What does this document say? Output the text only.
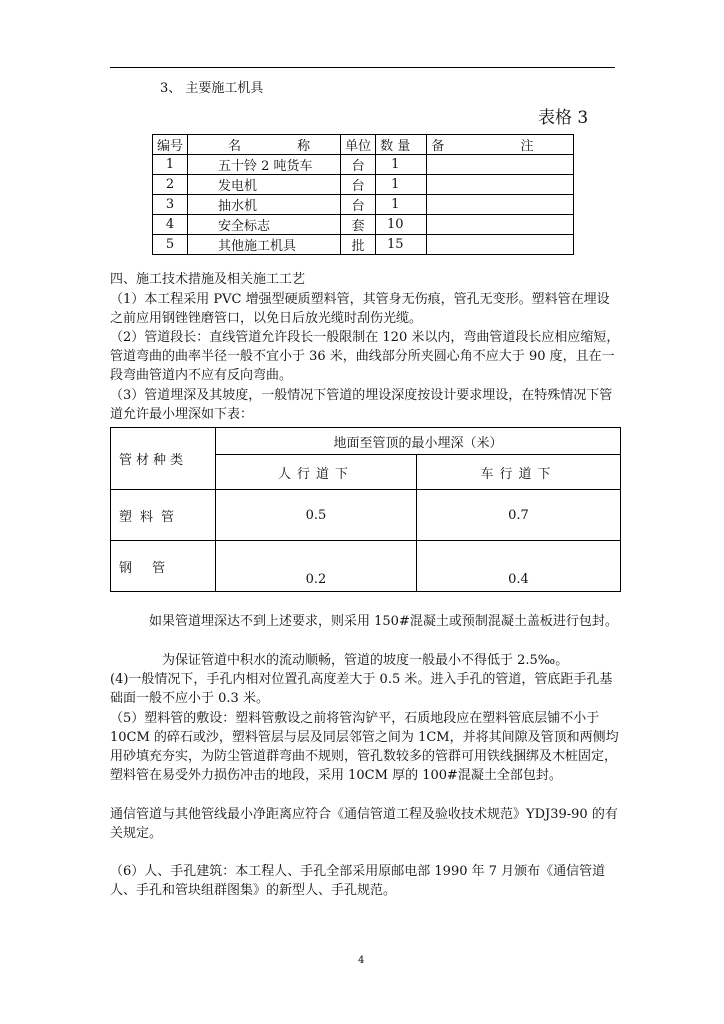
3、 主要施工机具
表格 3
编号	名 称	单位	数 量	备 注
1	五十铃 2 吨货车	台	1	
2	发电机	台	1	
3	抽水机	台	1	
4	安全标志	套	10	
5	其他施工机具	批	15	
四、施工技术措施及相关施工工艺
（1）本工程采用 PVC 增强型硬质塑料管，其管身无伤痕，管孔无变形。塑料管在埋设之前应用钢锉锉磨管口，以免日后放光缆时刮伤光缆。
（2）管道段长：直线管道允许段长一般限制在 120 米以内，弯曲管道段长应相应缩短，管道弯曲的曲率半径一般不宜小于 36 米，曲线部分所夹圆心角不应大于 90 度，且在一段弯曲管道内不应有反向弯曲。
（3）管道埋深及其坡度，一般情况下管道的埋设深度按设计要求埋设，在特殊情况下管道允许最小埋深如下表：
管材种类	地面至管顶的最小埋深（米）	
	人行道下	车行道下
塑料管	0.5	0.7
钢 管	0.2	0.4
如果管道埋深达不到上述要求，则采用 150#混凝土或预制混凝土盖板进行包封。
为保证管道中积水的流动顺畅，管道的坡度一般最小不得低于 2.5‰。
(4)一般情况下，手孔内相对位置孔高度差大于 0.5 米。进入手孔的管道，管底距手孔基础面一般不应小于 0.3 米。
（5）塑料管的敷设：塑料管敷设之前将管沟铲平，石质地段应在塑料管底层铺不小于 10CM 的碎石或沙，塑料管层与层及同层邻管之间为 1CM，并将其间隙及管顶和两侧均用砂填充夯实，为防尘管道群弯曲不规则，管孔数较多的管群可用铁线捆绑及木桩固定，塑料管在易受外力损伤冲击的地段，采用 10CM 厚的 100#混凝土全部包封。
通信管道与其他管线最小净距离应符合《通信管道工程及验收技术规范》YDJ39-90 的有关规定。
（6）人、手孔建筑：本工程人、手孔全部采用原邮电部 1990 年 7 月颁布《通信管道人、手孔和管块组群图集》的新型人、手孔规范。
4
